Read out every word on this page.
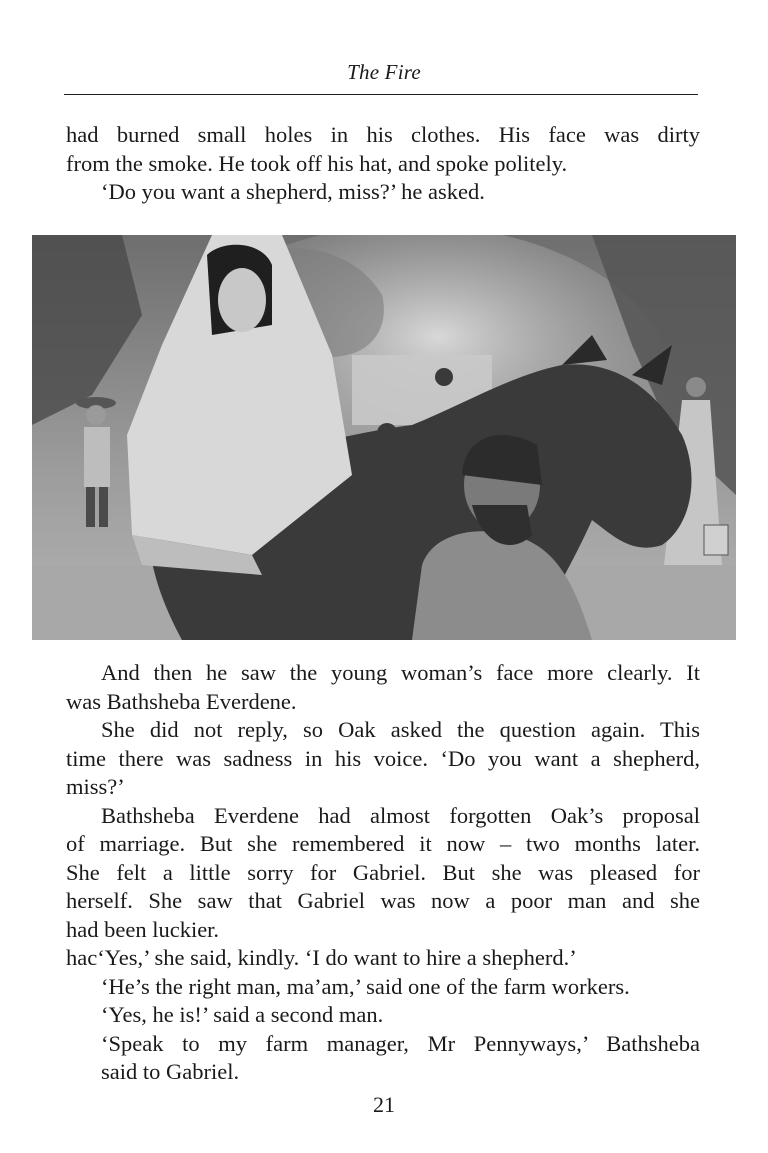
The Fire
had burned small holes in his clothes. His face was dirty
from the smoke. He took off his hat, and spoke politely.
‘Do you want a shepherd, miss?’ he asked.
And then he saw the young woman’s face more clearly. It
was Bathsheba Everdene.
She did not reply, so Oak asked the question again. This
time there was sadness in his voice. ‘Do you want a shepherd,
miss?’
Bathsheba Everdene had almost forgotten Oak’s proposal
of marriage. But she remembered it now – two months later.
She felt a little sorry for Gabriel. But she was pleased for
herself. She saw that Gabriel was now a poor man and she
had been luckier.
hac‘Yes,’ she said, kindly. ‘I do want to hire a shepherd.’
‘He’s the right man, ma’am,’ said one of the farm workers.
‘Yes, he is!’ said a second man.
‘Speak to my farm manager, Mr Pennyways,’ Bathsheba
said to Gabriel.
21
